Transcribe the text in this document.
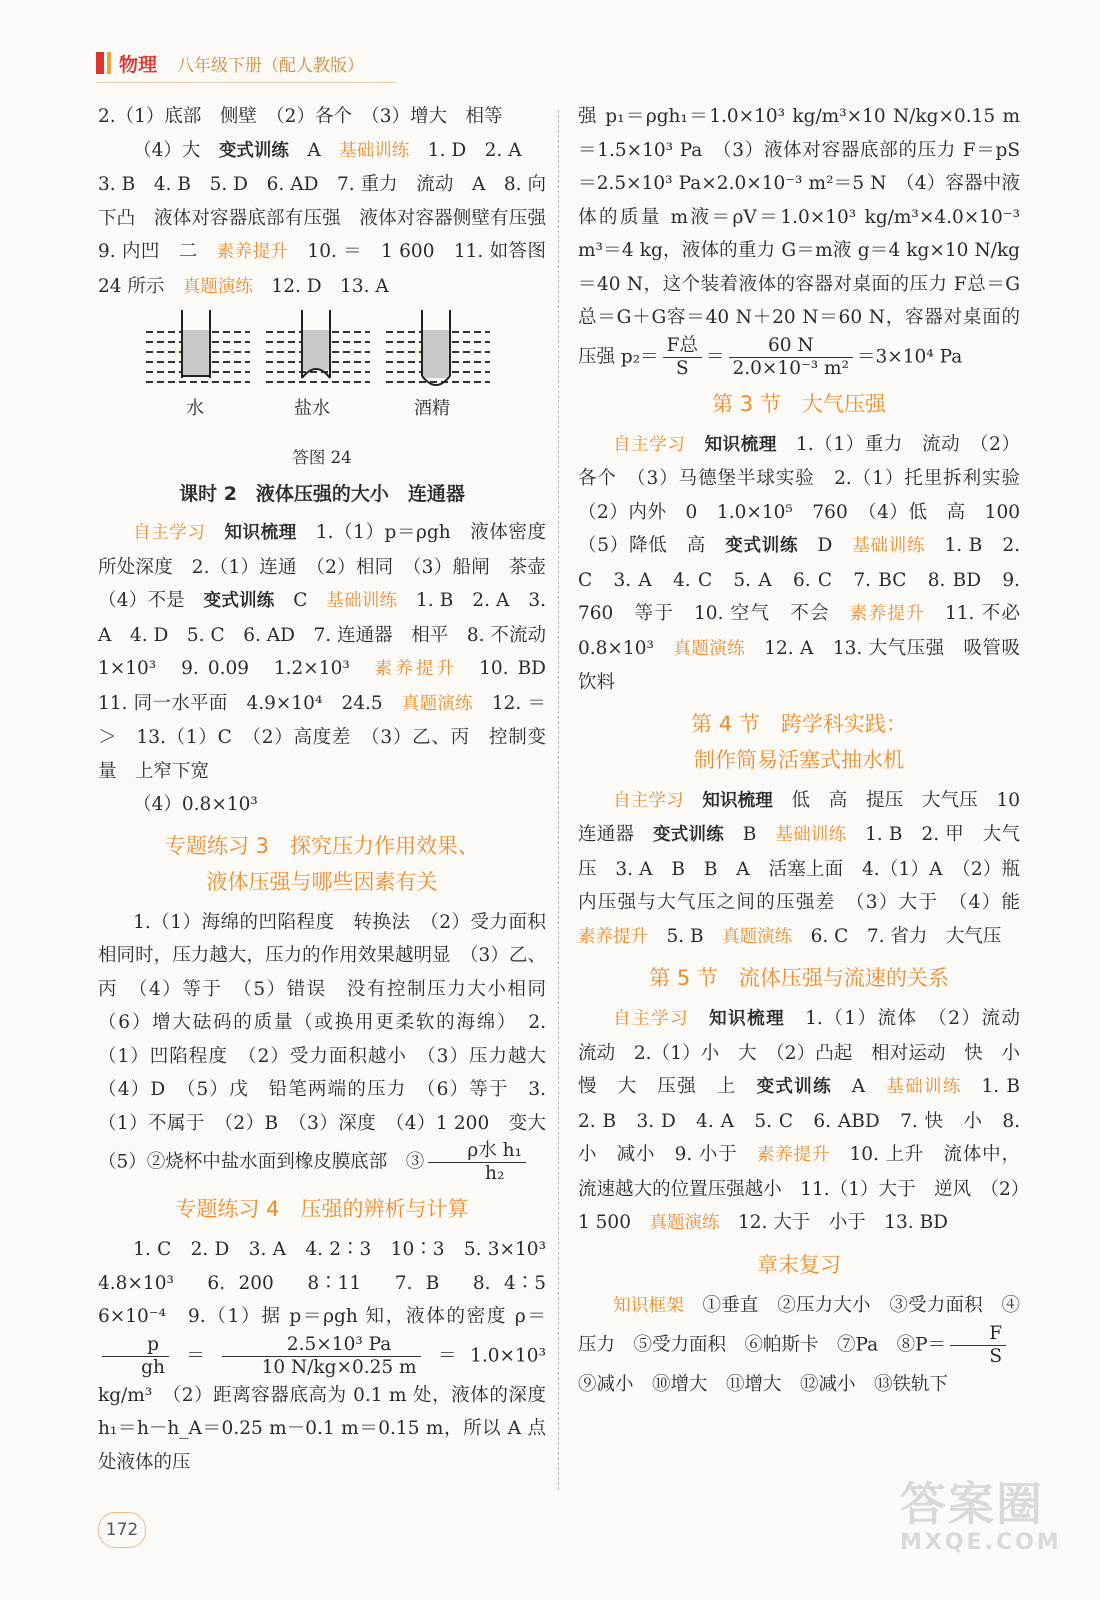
物理 八年级下册（配人教版）

2.（1）底部　侧壁　（2）各个　（3）增大　相等

（4）大　变式训练　A　基础训练　1. D　2. A

3. B　4. B　5. D　6. AD　7. 重力　流动　A　8. 向下凸　液体对容器底部有压强　液体对容器侧壁有压强　9. 内凹　二　素养提升　10. ＝　1 600　11. 如答图 24 所示　真题演练　12. D　13. A

水	盐水	酒精
答图 24
课时 2　液体压强的大小　连通器

自主学习　 知识梳理　1.（1）p＝ρgh　液体密度　所处深度　2.（1）连通　（2）相同　（3）船闸　茶壶　（4）不是　变式训练　C　基础训练　1. B　2. A　3. A　4. D　5. C　6. AD　7. 连通器　相平　8. 不流动　1×10³　9. 0.09　1.2×10³　素养提升　10. BD　11. 同一水平面　4.9×10⁴　24.5　真题演练　12. ＝　＞　13.（1）C　（2）高度差　（3）乙、丙　控制变量　上窄下宽

（4）0.8×10³

专题练习 3　探究压力作用效果、
液体压强与哪些因素有关

1.（1）海绵的凹陷程度　转换法　（2）受力面积相同时，压力越大，压力的作用效果越明显　（3）乙、丙　（4）等于　（5）错误　没有控制压力大小相同　（6）增大砝码的质量（或换用更柔软的海绵）　2.（1）凹陷程度　（2）受力面积越小　（3）压力越大　（4）D　（5）戊　铅笔两端的压力　（6）等于　3.（1）不属于　（2）B　（3）深度　（4）1 200　变大　（5）②烧杯中盐水面到橡皮膜底部　③ $\frac{\text{ρ水 h₁}}{\text{h₂}}$

专题练习 4　压强的辨析与计算

1. C　2. D　3. A　4. 2∶3　10∶3　5. 3×10³　4.8×10³　6. 200　8∶11　7. B　8. 4∶5　6×10⁻⁴　9.（1）据 p＝ρgh 知，液体的密度 ρ＝
$\frac{p}{gh} = \frac{\text{2.5×10³ Pa}}{10 N/kg\times 0.25 m} =1.0\times 10^3$ kg/m³　（2）距离容器底高为 0.1 m 处，液体的深度 h₁＝h－h_A＝0.25 m－0.1 m＝0.15 m，所以 A 点处液体的压

强 p₁＝ρgh₁＝1.0×10³ kg/m³×10 N/kg×0.15 m＝1.5×10³ Pa　（3）液体对容器底部的压力 F＝pS＝2.5×10³ Pa×2.0×10⁻³ m²＝5 N　（4）容器中液体的质量 m液＝ρV＝1.0×10³ kg/m³×4.0×10⁻³ m³＝4 kg，液体的重力 G＝m液 g＝4 kg×10 N/kg＝40 N，这个装着液体的容器对桌面的压力 F总＝G总＝G＋G容＝40 N＋20 N＝60 N，容器对桌面的压强 $p_2= \frac{\text{F总}}{S} = \frac{60 N}{\text{2.0×10⁻³ m²}} =3\times 10^4$ Pa

第 3 节　大气压强

自主学习　 知识梳理　1.（1）重力　流动　（2）各个　（3）马德堡半球实验　2.（1）托里拆利实验　（2）内外　0　1.0×10⁵　760　（4）低　高　100　（5）降低　高　变式训练　D　基础训练　1. B　2. C　3. A　4. C　5. A　6. C　7. BC　8. BD　9. 760　等于　10. 空气　不会　素养提升　11. 不必　0.8×10³　真题演练　12. A　13. 大气压强　吸管吸饮料

第 4 节　跨学科实践：
制作简易活塞式抽水机

自主学习　 知识梳理　低　高　提压　大气压　10　连通器　变式训练　B　基础训练　1. B　2. 甲　大气压　3. A　B　B　A　活塞上面　4.（1）A　（2）瓶内压强与大气压之间的压强差　（3）大于　（4）能　素养提升　5. B　真题演练　6. C　7. 省力　大气压

第 5 节　流体压强与流速的关系

自主学习　 知识梳理　1.（1）流体　（2）流动　流动　2.（1）小　大　（2）凸起　相对运动　快　小　慢　大　压强　上　变式训练　A　基础训练　1. B　2. B　3. D　4. A　5. C　6. ABD　7. 快　小　8. 小　减小　9. 小于　素养提升　10. 上升　流体中，流速越大的位置压强越小　11.（1）大于　逆风　（2）1 500　真题演练　12. 大于　小于　13. BD

章末复习

知识框架　①垂直　②压力大小　③受力面积　④压力　⑤受力面积　⑥帕斯卡　⑦Pa　⑧P＝ $\frac{F}{S}$ 　⑨减小　⑩增大　⑪增大　⑫减小　⑬铁轨下

172	答案圈
MXQE.COM
